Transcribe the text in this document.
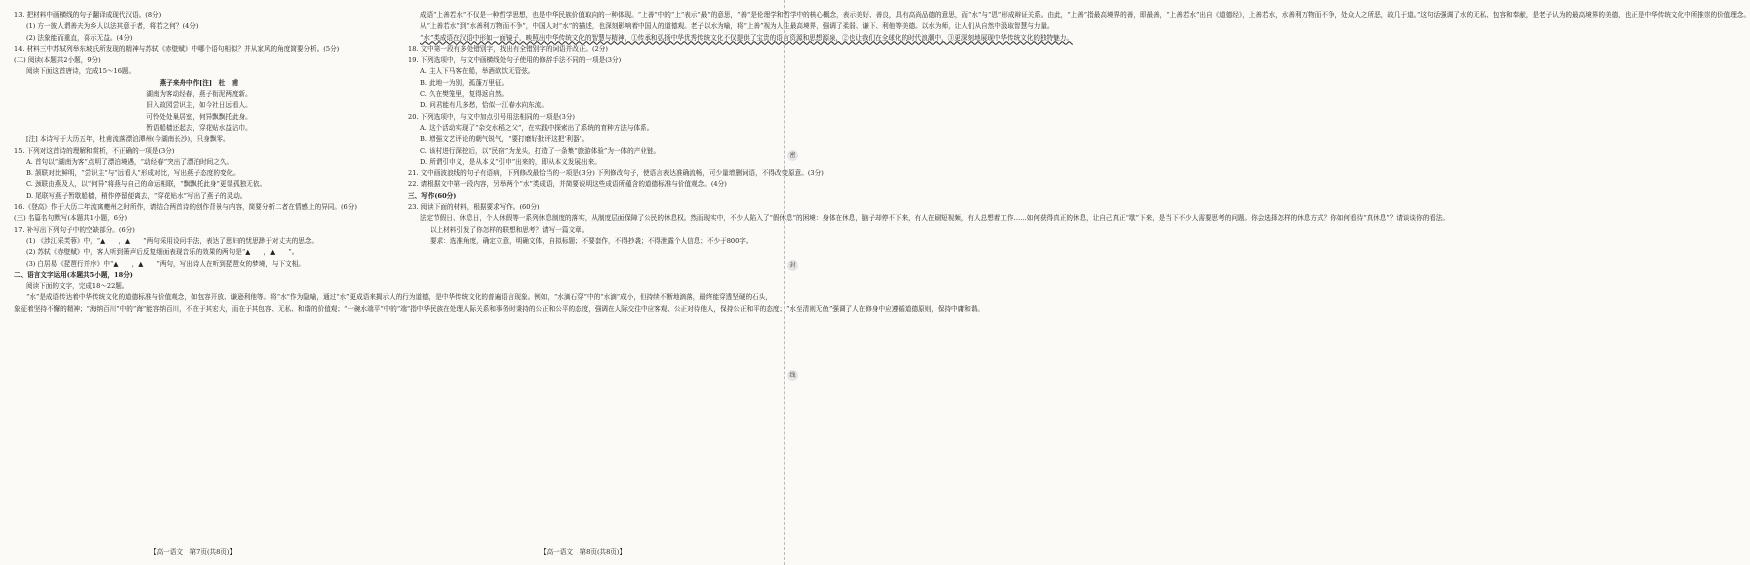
13. 把材料中画横线的句子翻译成现代汉语。(8分)
(1) 方一彼人谓善夫为乡人以法其意于者，将若之何？(4分)
(2) 法象能而重直，喜示无益。(4分)
14. 材料三中苏轼列举东坡氏所发现的精神与苏轼《赤壁赋》中哪个语句相似？并从家风的角度简要分析。(5分)
(二) 阅读(本题共2小题，9分)
阅读下面这首唐诗，完成15～16题。
燕子来舟中作[注]　杜　甫
湖南为客动经春，燕子衔泥两度新。
旧入故园尝识主，如今社日远看人。
可怜处处巢居室，何异飘飘托此身。
暂语船樯还起去，穿花贴水益沾巾。
[注] 本诗写于大历五年，杜甫流落漂泊潭州(今湖南长沙)，只身飘零。
15. 下列对这首诗的理解和赏析，不正确的一项是(3分)
A. 首句以“湖南为客”点明了漂泊境遇，“动经春”突出了漂泊时间之久。
B. 颔联对比鲜明，“尝识主”与“远看人”形成对比，写出燕子态度的变化。
C. 颈联由燕及人，以“何异”将燕与自己的命运相联，“飘飘托此身”更显孤独无依。
D. 尾联写燕子暂歇船樯，稍作停留便离去，“穿花贴水”写出了燕子的灵动。
16.《登高》作于大历二年流寓夔州之时所作，请结合两首诗的创作背景与内容，简要分析二者在情感上的异同。(6分)
(三) 名篇名句默写(本题共1小题，6分)
17. 补写出下列句子中的空缺部分。(6分)
(1) 《涉江采芙蓉》中，“▲　　，▲　　”两句采用设问手法，表达了思妇的忧思渺于对丈夫的思念。
(2) 苏轼《赤壁赋》中，客人听到箫声后反复细面表现音乐的效果的两句是“▲　　，▲　　”。
(3) 白居易《琵琶行并序》中“▲　　，▲　　”两句，写出诗人在听到琵琶女的梦境，与下文相。
二、语言文字运用(本题共5小题，18分)
阅读下面的文字，完成18～22题。
“水”是成语传达着中华传统文化的道德标准与价值观念，如包容开放、谦逊利他等。将“水”作为隐喻，通过“水”更成语来揭示人的行为道德，是中华传统文化的普遍语言现象。例如，“水滴石穿”中的“水滴”成小，但持续不断地滴落，最终能穿透坚硬的石头，
象征着坚持不懈的精神；“海纳百川”中的“海”能容纳百川，不在于其宏大，而在于其包容、无私、和谐的价值观；“一碗水端平”中的“端”指中华民族在处理人际关系和事务时秉持的公正和公平的态度，强调在人际交往中应客观、公正对待他人，保持公正和平的态度；“水至清则无鱼”强调了人在修身中应遵循道德原则，保持中庸和谐。
成语“上善若水”不仅是一种哲学思想，也是中华民族价值取向的一种体现。“上善”中的“上”表示“最”的意思，“善”是伦理学和哲学中的核心概念，表示美好、善良，具有高尚品德的意思，而“水”与“恩”形成辩证关系。由此，“上善”指最高境界的善，即最善，“上善若水”出自《道德经》，上善若水，水善利万物而不争，处众人之所恶，故几于道。”这句话强调了水的无私、包容和奉献，是老子认为的最高境界的美德，也正是中华传统文化中所推崇的价值理念。
从“上善若水”到“水善利万物而不争”，中国人对“水”的描述，也深刻影响着中国人的道德观。老子以水为喻，将“上善”视为人生最高境界，强调了柔弱、谦下、利他等美德。以水为师，让人们从自然中汲取智慧与力量。
“水”类成语在汉语中形如一面镜子，映照出中华传统文化的智慧与精神，①传承和弘扬中华优秀传统文化不仅提供了宝贵的语言资源和思想源泉，②也让我们在全球化的时代浪潮中，③更深刻地展现中华传统文化的独特魅力。
18. 文中第一段有多处错别字，找出有全错别字的词语并改正。(2分)
19. 下列选项中，与文中画横线处句子使用的修辞手法不同的一项是(3分)
A. 主人下马客在船，举酒欲饮无管弦。
B. 此地一为别，孤蓬万里征。
C. 久在樊笼里，复得返自然。
D. 问君能有几多愁，恰似一江春水向东流。
20. 下列选项中，与文中加点引号用法相同的一项是(3分)
A. 这个活动实现了“杂交水稻之父”，在实践中探索出了系统的育种方法与体系。
B. 增强文艺评论的朝气锐气，“要打磨好批评这把‘利器’。
C. 该村进行深挖后，以“民宿”为龙头，打造了一条集“旅游体验”为一体的产业链。
D. 所谓引申义，是从本义“引申”出来的，即从本义发展出来。
21. 文中画波浪线的句子有语病，下列修改最恰当的一项是(3分) 下列修改句子，使语言表达准确流畅，可少量增删词语，不得改变原意。(3分)
22. 请根据文中第一段内容，另举两个“水”类成语，并简要说明这些成语所蕴含的道德标准与价值观念。(4分)
三、写作(60分)
23. 阅读下面的材料，根据要求写作。(60分)
法定节假日、休息日，个人休假等一系列休息制度的落实，从制度层面保障了公民的休息权。然而现实中，不少人陷入了“假休息”的困境：身体在休息，脑子却停不下来，有人在刷短视频，有人总想着工作……如何获得真正的休息，让自己真正“歇”下来，是当下不少人需要思考的问题。你会选择怎样的休息方式？你如何看待“真休息”？请谈谈你的看法。
以上材料引发了你怎样的联想和思考？请写一篇文章。
要求：选准角度，确定立意，明确文体，自拟标题；不要套作，不得抄袭；不得泄露个人信息；不少于800字。
【高一语文　第7页(共8页)】	【高一语文　第8页(共8页)】
密
封
线
